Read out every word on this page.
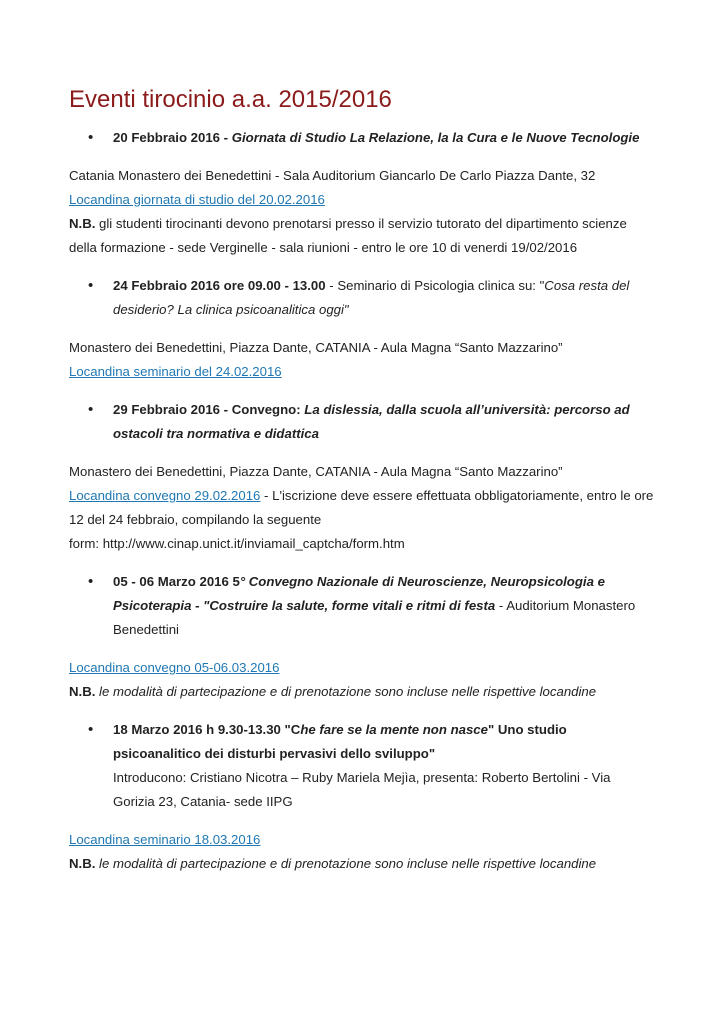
Eventi tirocinio a.a. 2015/2016
• 20 Febbraio 2016 - Giornata di Studio La Relazione, la la Cura e le Nuove Tecnologie

Catania Monastero dei Benedettini - Sala Auditorium Giancarlo De Carlo Piazza Dante, 32

Locandina giornata di studio del 20.02.2016

N.B. gli studenti tirocinanti devono prenotarsi presso il servizio tutorato del dipartimento scienze della formazione - sede Verginelle - sala riunioni - entro le ore 10 di venerdi 19/02/2016

• 24 Febbraio 2016 ore 09.00 - 13.00 - Seminario di Psicologia clinica su: "Cosa resta del desiderio? La clinica psicoanalitica oggi"

Monastero dei Benedettini, Piazza Dante, CATANIA - Aula Magna “Santo Mazzarino”

Locandina seminario del 24.02.2016

• 29 Febbraio 2016 - Convegno: La dislessia, dalla scuola all’università: percorso ad ostacoli tra normativa e didattica

Monastero dei Benedettini, Piazza Dante, CATANIA - Aula Magna “Santo Mazzarino”

Locandina convegno 29.02.2016 - L'iscrizione deve essere effettuata obbligatoriamente, entro le ore 12 del 24 febbraio, compilando la seguente

form: http://www.cinap.unict.it/inviamail_captcha/form.htm

• 05 - 06 Marzo 2016 5° Convegno Nazionale di Neuroscienze, Neuropsicologia e Psicoterapia - "Costruire la salute, forme vitali e ritmi di festa - Auditorium Monastero Benedettini

Locandina convegno 05-06.03.2016

N.B. le modalità di partecipazione e di prenotazione sono incluse nelle rispettive locandine

• 18 Marzo 2016 h 9.30-13.30 "Che fare se la mente non nasce" Uno studio psicoanalitico dei disturbi pervasivi dello sviluppo"
Introducono: Cristiano Nicotra – Ruby Mariela Mejìa, presenta: Roberto Bertolini - Via Gorizia 23, Catania- sede IIPG

Locandina seminario 18.03.2016

N.B. le modalità di partecipazione e di prenotazione sono incluse nelle rispettive locandine
